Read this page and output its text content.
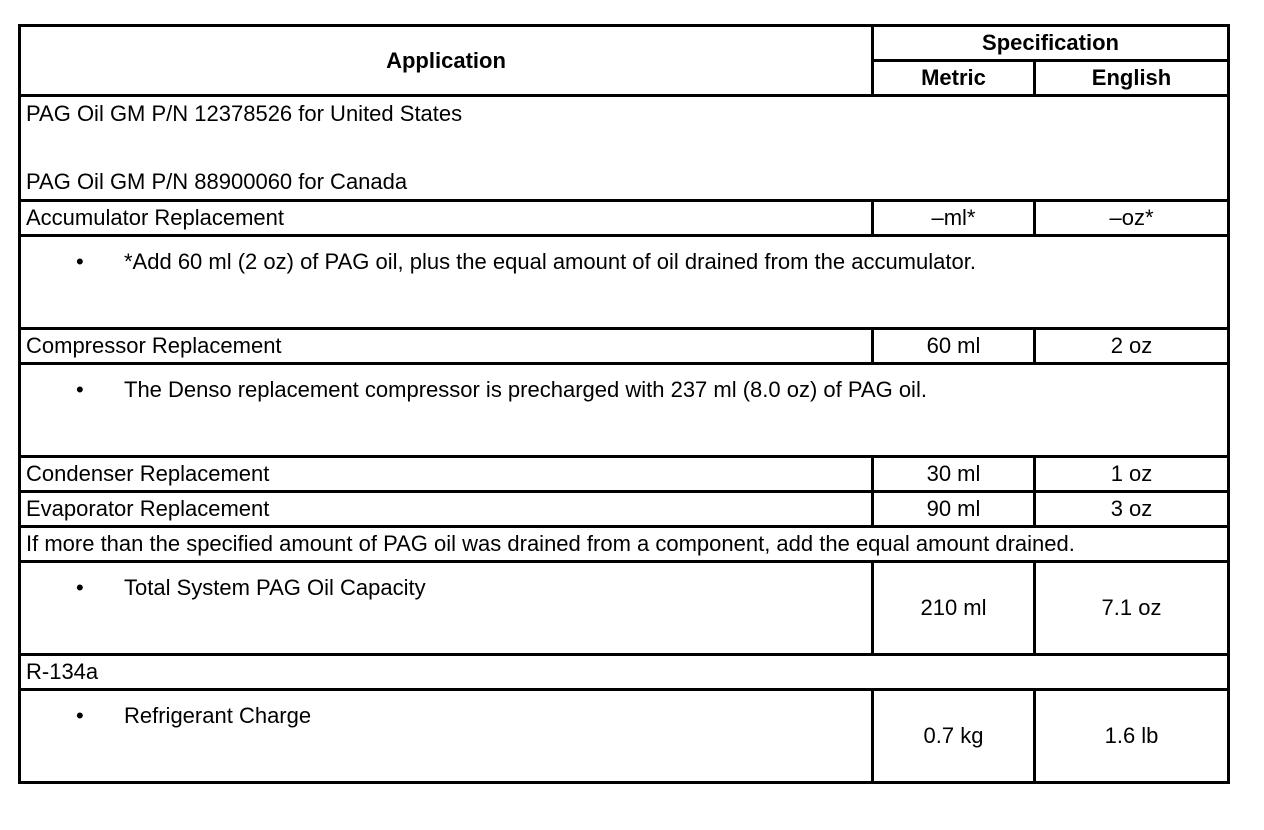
Application	Specification	
	Metric	English

PAG Oil GM P/N 12378526 for United States
PAG Oil GM P/N 88900060 for Canada		

Accumulator Replacement	–ml*	–oz*
• *Add 60 ml (2 oz) of PAG oil, plus the equal amount of oil drained from the accumulator.		
Compressor Replacement	60 ml	2 oz
• The Denso replacement compressor is precharged with 237 ml (8.0 oz) of PAG oil.		
Condenser Replacement	30 ml	1 oz
Evaporator Replacement	90 ml	3 oz
If more than the specified amount of PAG oil was drained from a component, add the equal amount drained.		
• Total System PAG Oil Capacity	210 ml	7.1 oz
R-134a		
• Refrigerant Charge	0.7 kg	1.6 lb
